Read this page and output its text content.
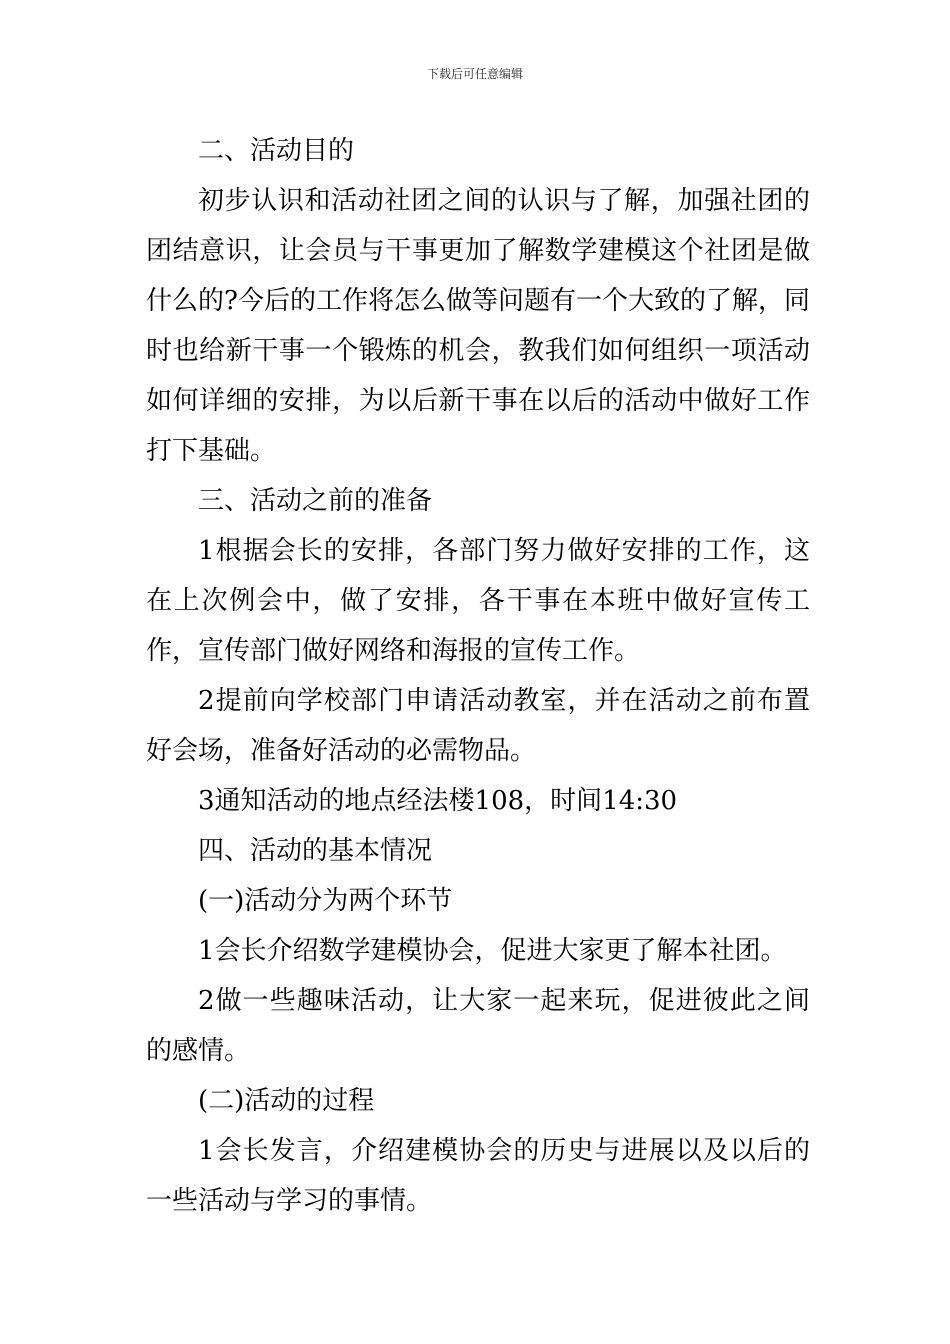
下载后可任意编辑

二、活动目的

初步认识和活动社团之间的认识与了解，加强社团的团结意识，让会员与干事更加了解数学建模这个社团是做什么的?今后的工作将怎么做等问题有一个大致的了解，同时也给新干事一个锻炼的机会，教我们如何组织一项活动如何详细的安排，为以后新干事在以后的活动中做好工作打下基础。

三、活动之前的准备

1根据会长的安排，各部门努力做好安排的工作，这在上次例会中，做了安排，各干事在本班中做好宣传工作，宣传部门做好网络和海报的宣传工作。

2提前向学校部门申请活动教室，并在活动之前布置好会场，准备好活动的必需物品。

3通知活动的地点经法楼108，时间14:30

四、活动的基本情况

(一)活动分为两个环节

1会长介绍数学建模协会，促进大家更了解本社团。

2做一些趣味活动，让大家一起来玩，促进彼此之间的感情。

(二)活动的过程

1会长发言，介绍建模协会的历史与进展以及以后的一些活动与学习的事情。
